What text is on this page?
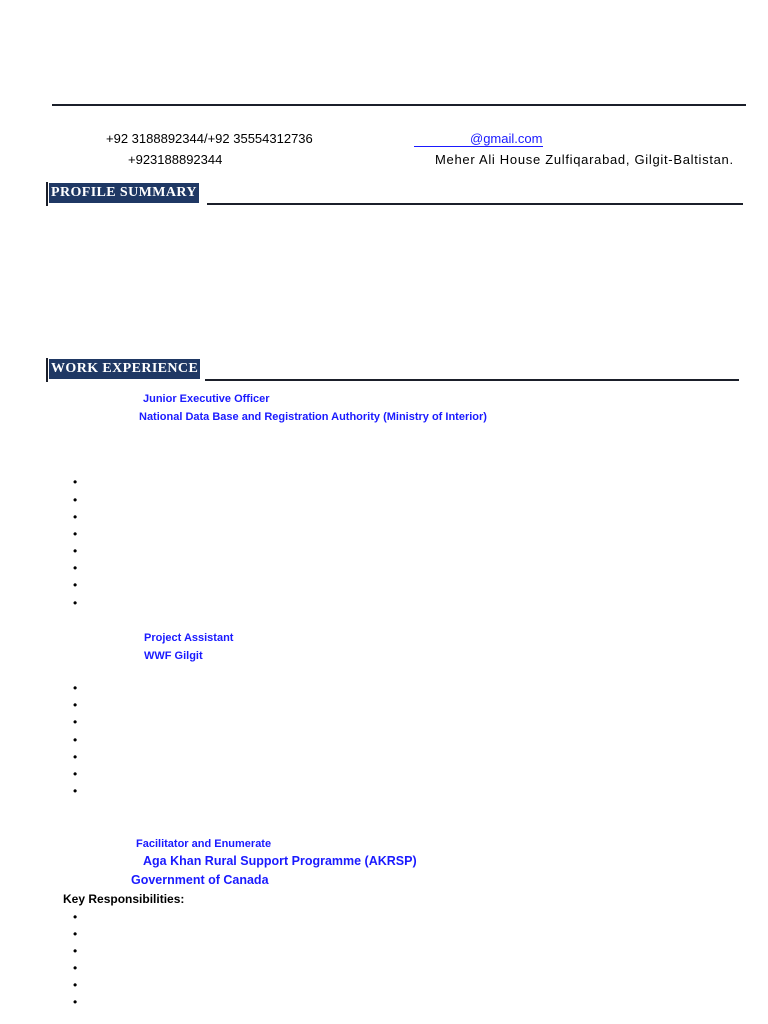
+92 3188892344/+92 35554312736
+923188892344
@gmail.com
Meher Ali House Zulfiqarabad, Gilgit-Baltistan.
PROFILE SUMMARY
WORK EXPERIENCE
Junior Executive Officer
National Data Base and Registration Authority (Ministry of Interior)
•
•
•
•
•
•
•
•
Project Assistant
WWF Gilgit
•
•
•
•
•
•
•
Facilitator and Enumerate
Aga Khan Rural Support Programme (AKRSP)
Government of Canada
Key Responsibilities:
•
•
•
•
•
•
